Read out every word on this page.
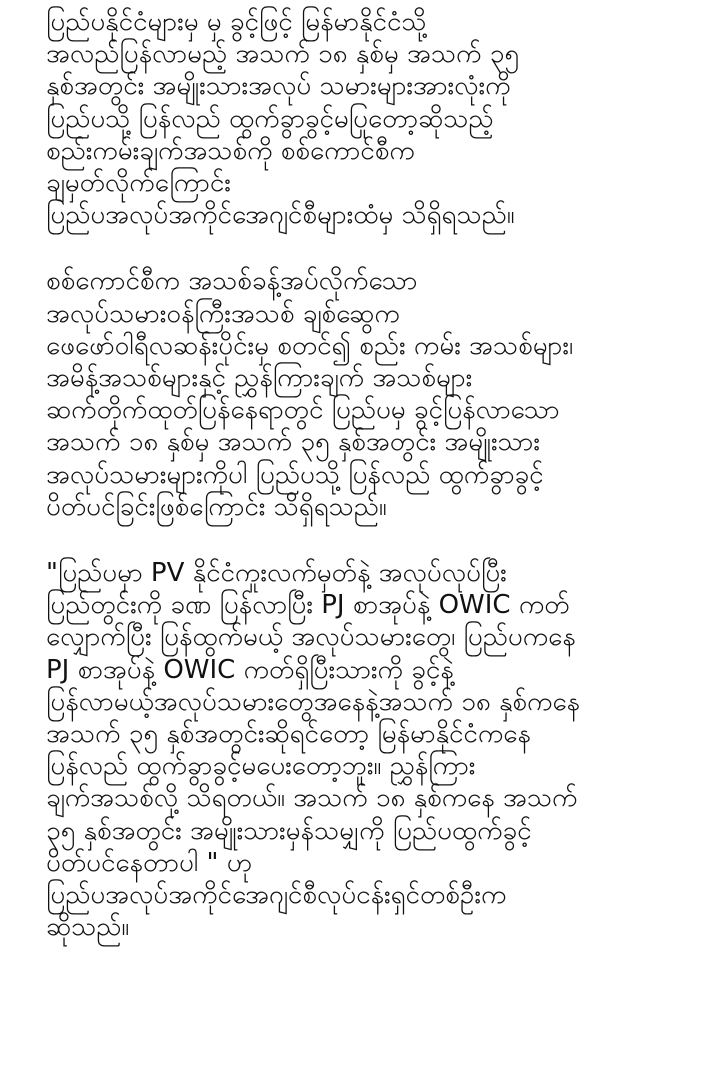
ပြည်ပနိုင်ငံများမှ မှ ခွင့်ဖြင့် မြန်မာနိုင်ငံသို့
အလည်ပြန်လာမည့် အသက် ၁၈ နှစ်မှ အသက် ၃၅
နှစ်အတွင်း အမျိုးသားအလုပ် သမားများအားလုံးကို
ပြည်ပသို့ ပြန်လည် ထွက်ခွာခွင့်မပြုတော့ဆိုသည့်
စည်းကမ်းချက်အသစ်ကို စစ်ကောင်စီက
ချမှတ်လိုက်ကြောင်း
ပြည်ပအလုပ်အကိုင်အေဂျင်စီများထံမှ သိရှိရသည်။

စစ်ကောင်စီက အသစ်ခန့်အပ်လိုက်သော
အလုပ်သမားဝန်ကြီးအသစ် ချစ်ဆွေက
ဖေဖော်ဝါရီလဆန်းပိုင်းမှ စတင်၍ စည်း ကမ်း အသစ်များ၊
အမိန့်အသစ်များနှင့် ညွှန်ကြားချက် အသစ်များ
ဆက်တိုက်ထုတ်ပြန်နေရာတွင် ပြည်ပမှ ခွင့်ပြန်လာသော
အသက် ၁၈ နှစ်မှ အသက် ၃၅ နှစ်အတွင်း အမျိုးသား
အလုပ်သမားများကိုပါ ပြည်ပသို့ ပြန်လည် ထွက်ခွာခွင့်
ပိတ်ပင်ခြင်းဖြစ်ကြောင်း သိရှိရသည်။

"ပြည်ပမှာ PV နိုင်ငံကူးလက်မှတ်နဲ့ အလုပ်လုပ်ပြီး
ပြည်တွင်းကို ခဏ ပြန်လာပြီး PJ စာအုပ်နဲ့ OWIC ကတ်
လျှောက်ပြီး ပြန်ထွက်မယ့် အလုပ်သမားတွေ၊ ပြည်ပကနေ
PJ စာအုပ်နဲ့ OWIC ကတ်ရှိပြီးသားကို ခွင့်နဲ့
ပြန်လာမယ့်အလုပ်သမားတွေအနေနဲ့အသက် ၁၈ နှစ်ကနေ
အသက် ၃၅ နှစ်အတွင်းဆိုရင်တော့ မြန်မာနိုင်ငံကနေ
ပြန်လည် ထွက်ခွာခွင့်မပေးတော့ဘူး။ ညွှန်ကြား
ချက်အသစ်လို့ သိရတယ်။ အသက် ၁၈ နှစ်ကနေ အသက်
၃၅ နှစ်အတွင်း အမျိုးသားမှန်သမျှကို ပြည်ပထွက်ခွင့်
ပိတ်ပင်နေတာပါ " ဟု
ပြည်ပအလုပ်အကိုင်အေဂျင်စီလုပ်ငန်းရှင်တစ်ဦးက
ဆိုသည်။
